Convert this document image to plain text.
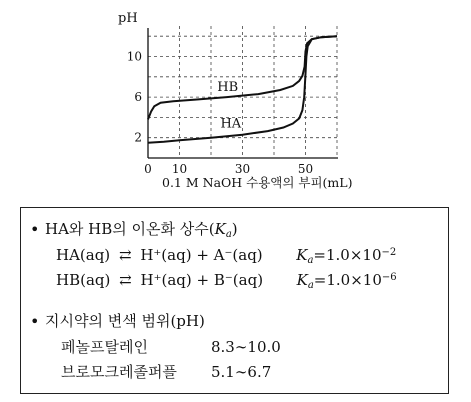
2
6
10
0 10	30	50
HB
HA
pH
0.1 M NaOH 수용액의 부피(mL)
• HA와 HB의 이온화 상수$(K_a)$
HA(aq) ⇄ H⁺(aq) + A⁻(aq) $K_a=1.0\times 10^{-2}$
HB(aq) ⇄ H⁺(aq) + B⁻(aq) $K_a=1.0\times 10^{-6}$
• 지시약의 변색 범위(pH)
페놀프탈레인	8.3∼10.0
브로모크레졸퍼플 5.1∼6.7
